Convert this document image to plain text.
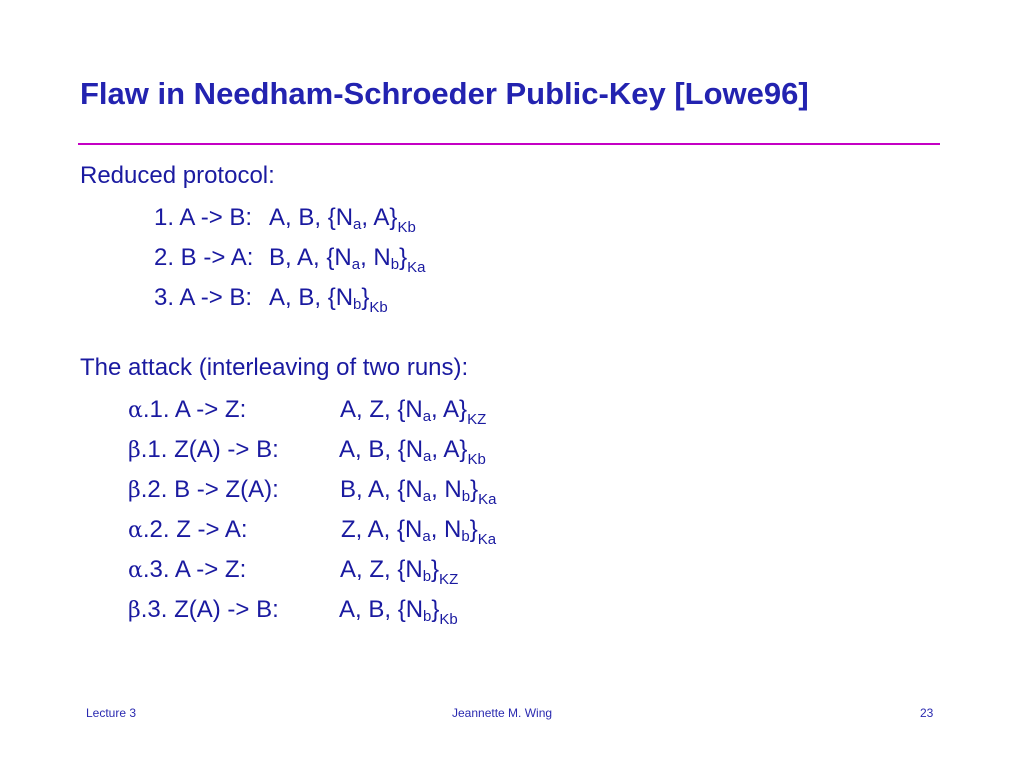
Flaw in Needham-Schroeder Public-Key [Lowe96]
Reduced protocol:
1. A -> B: A, B, {$N_a$, A}Kb
2. B -> A: B, A, {$N_a$, $N_b\}Ka$
3. A -> B: A, B, $\{N_b\}Kb$
The attack (interleaving of two runs):
α.1. A -> Z:	A, Z, {$N_a$, A}KZ
β.1. Z(A) -> B:	A, B, {$N_a$, A}Kb
β.2. B -> Z(A):	B, A, {$N_a$, $N_b\}Ka$
α.2. Z -> A:	Z, A, {$N_a$, $N_b\}Ka$
α.3. A -> Z:	A, Z, $\{N_b\}KZ$
β.3. Z(A) -> B:	A, B, $\{N_b\}Kb$
Lecture 3	Jeannette M. Wing	23
